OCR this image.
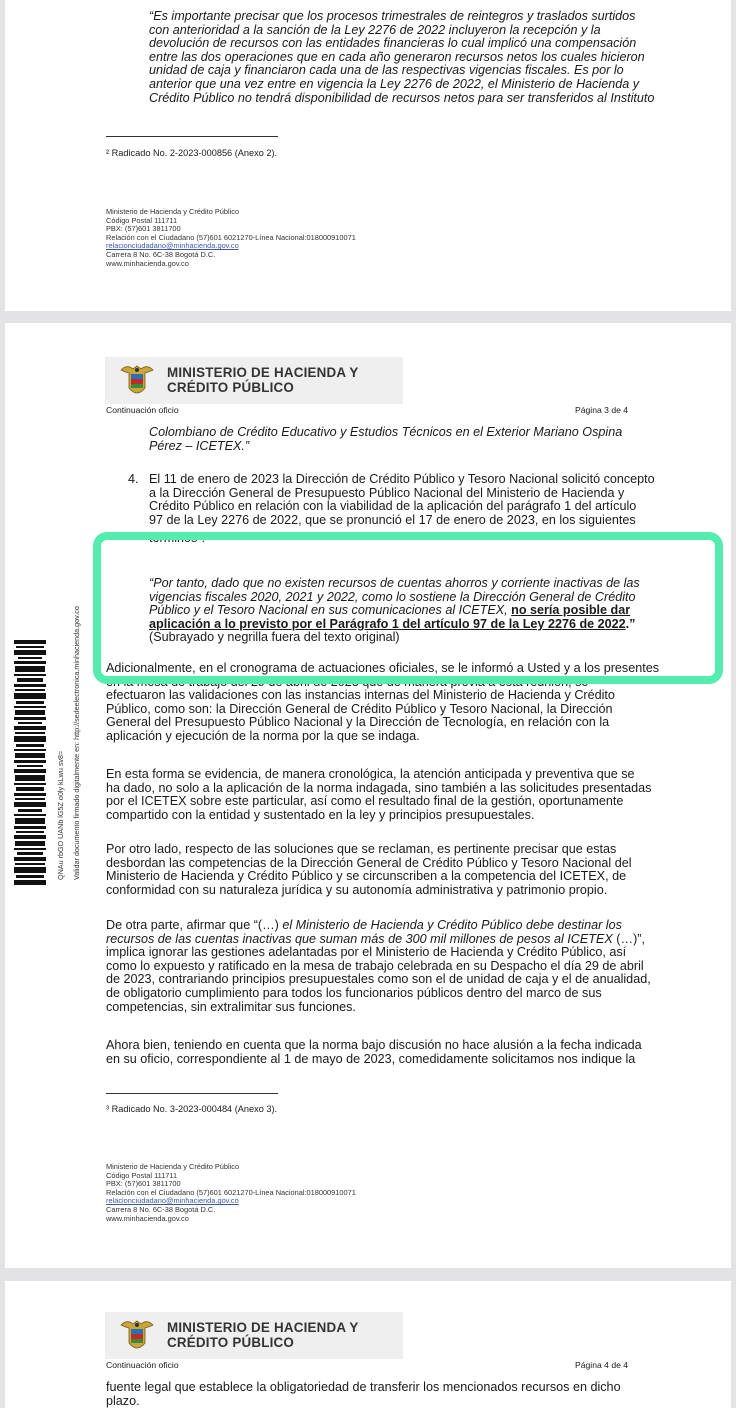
“Es importante precisar que los procesos trimestrales de reintegros y traslados surtidos
con anterioridad a la sanción de la Ley 2276 de 2022 incluyeron la recepción y la
devolución de recursos con las entidades financieras lo cual implicó una compensación
entre las dos operaciones que en cada año generaron recursos netos los cuales hicieron
unidad de caja y financiaron cada una de las respectivas vigencias fiscales. Es por lo
anterior que una vez entre en vigencia la Ley 2276 de 2022, el Ministerio de Hacienda y
Crédito Público no tendrá disponibilidad de recursos netos para ser transferidos al Instituto
² Radicado No. 2-2023-000856 (Anexo 2).
Ministerio de Hacienda y Crédito Público
Código Postal 111711
PBX: (57)601 3811700
Relación con el Ciudadano (57)601 6021270-Línea Nacional:018000910071
relacionciudadano@minhacienda.gov.co
Carrera 8 No. 6C-38 Bogotá D.C.
www.minhacienda.gov.co
MINISTERIO DE HACIENDA Y
CRÉDITO PÚBLICO
Continuación oficio	Página 3 de 4
Colombiano de Crédito Educativo y Estudios Técnicos en el Exterior Mariano Ospina
Pérez – ICETEX.”
4. El 11 de enero de 2023 la Dirección de Crédito Público y Tesoro Nacional solicitó concepto
a la Dirección General de Presupuesto Público Nacional del Ministerio de Hacienda y
Crédito Público en relación con la viabilidad de la aplicación del parágrafo 1 del artículo
97 de la Ley 2276 de 2022, que se pronunció el 17 de enero de 2023, en los siguientes
términos³:
“Por tanto, dado que no existen recursos de cuentas ahorros y corriente inactivas de las
vigencias fiscales 2020, 2021 y 2022, como lo sostiene la Dirección General de Crédito
Público y el Tesoro Nacional en sus comunicaciones al ICETEX, no sería posible dar
aplicación a lo previsto por el Parágrafo 1 del artículo 97 de la Ley 2276 de 2022.”
(Subrayado y negrilla fuera del texto original)
Adicionalmente, en el cronograma de actuaciones oficiales, se le informó a Usted y a los presentes
en la mesa de trabajo del 29 de abril de 2023 que de manera previa a esta reunión, se
efectuaron las validaciones con las instancias internas del Ministerio de Hacienda y Crédito
Público, como son: la Dirección General de Crédito Público y Tesoro Nacional, la Dirección
General del Presupuesto Público Nacional y la Dirección de Tecnología, en relación con la
aplicación y ejecución de la norma por la que se indaga.
En esta forma se evidencia, de manera cronológica, la atención anticipada y preventiva que se
ha dado, no solo a la aplicación de la norma indagada, sino también a las solicitudes presentadas
por el ICETEX sobre este particular, así como el resultado final de la gestión, oportunamente
compartido con la entidad y sustentado en la ley y principios presupuestales.
Por otro lado, respecto de las soluciones que se reclaman, es pertinente precisar que estas
desbordan las competencias de la Dirección General de Crédito Público y Tesoro Nacional del
Ministerio de Hacienda y Crédito Público y se circunscriben a la competencia del ICETEX, de
conformidad con su naturaleza jurídica y su autonomía administrativa y patrimonio propio.
De otra parte, afirmar que “(…) el Ministerio de Hacienda y Crédito Público debe destinar los
recursos de las cuentas inactivas que suman más de 300 mil millones de pesos al ICETEX (…)”,
implica ignorar las gestiones adelantadas por el Ministerio de Hacienda y Crédito Público, así
como lo expuesto y ratificado en la mesa de trabajo celebrada en su Despacho el día 29 de abril
de 2023, contrariando principios presupuestales como son el de unidad de caja y el de anualidad,
de obligatorio cumplimiento para todos los funcionarios públicos dentro del marco de sus
competencias, sin extralimitar sus funciones.
Ahora bien, teniendo en cuenta que la norma bajo discusión no hace alusión a la fecha indicada
en su oficio, correspondiente al 1 de mayo de 2023, comedidamente solicitamos nos indique la
³ Radicado No. 3-2023-000484 (Anexo 3).
Ministerio de Hacienda y Crédito Público
Código Postal 111711
PBX: (57)601 3811700
Relación con el Ciudadano (57)601 6021270-Línea Nacional:018000910071
relacionciudadano@minhacienda.gov.co
Carrera 8 No. 6C-38 Bogotá D.C.
www.minhacienda.gov.co
QNAu rbGO UANb lG5Z o0ly kLwu sv8= Validar documento firmado digitalmente en: http://sedeelectronica.minhacienda.gov.co
MINISTERIO DE HACIENDA Y
CRÉDITO PÚBLICO
Continuación oficio	Página 4 de 4
fuente legal que establece la obligatoriedad de transferir los mencionados recursos en dicho
plazo.
